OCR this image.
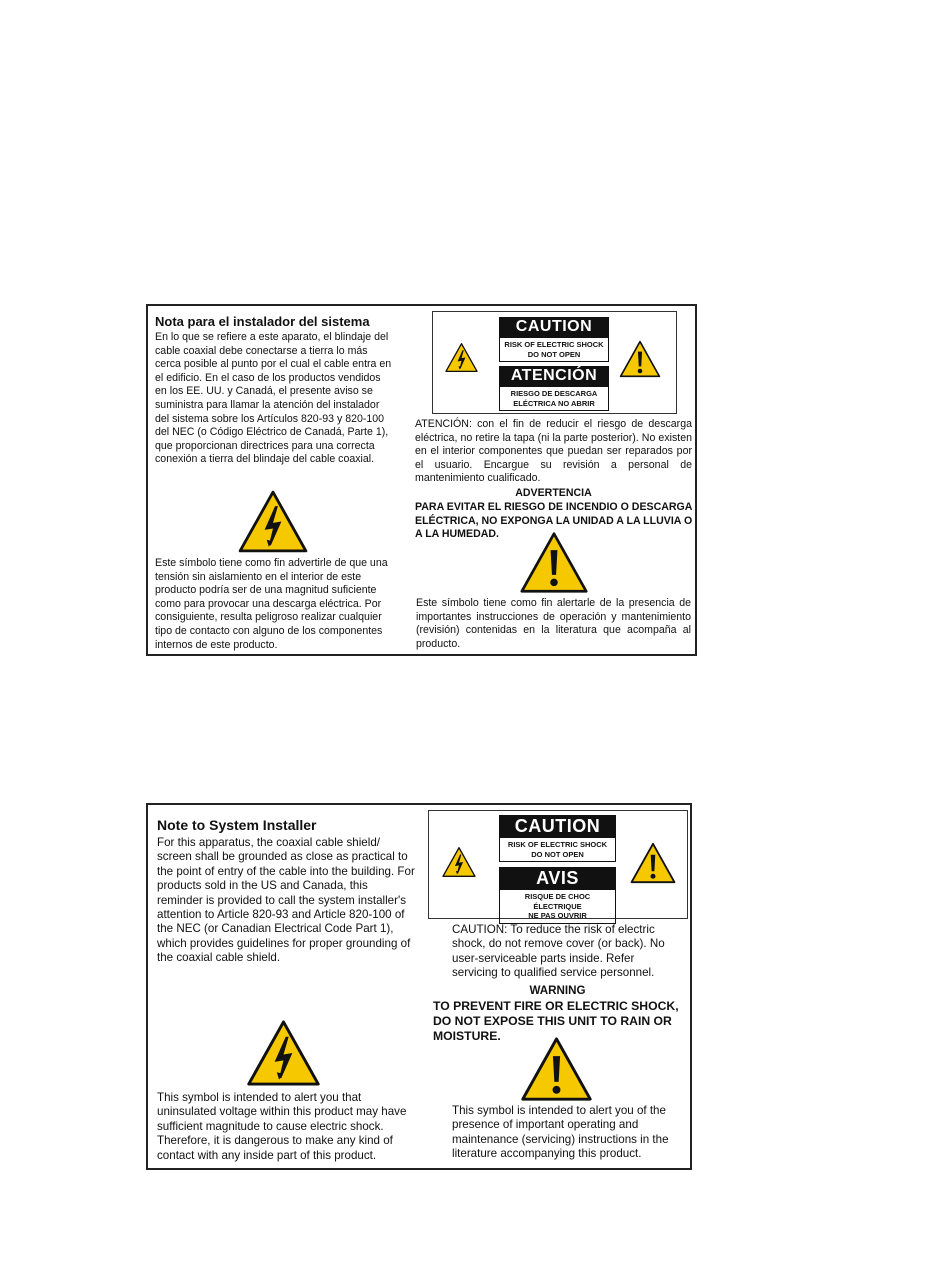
Nota para el instalador del sistema

En lo que se refiere a este aparato, el blindaje del cable coaxial debe conectarse a tierra lo más cerca posible al punto por el cual el cable entra en el edificio. En el caso de los productos vendidos en los EE. UU. y Canadá, el presente aviso se suministra para llamar la atención del instalador del sistema sobre los Artículos 820-93 y 820-100 del NEC (o Código Eléctrico de Canadá, Parte 1), que proporcionan directrices para una correcta conexión a tierra del blindaje del cable coaxial.

Este símbolo tiene como fin advertirle de que una tensión sin aislamiento en el interior de este producto podría ser de una magnitud suficiente como para provocar una descarga eléctrica. Por consiguiente, resulta peligroso realizar cualquier tipo de contacto con alguno de los componentes internos de este producto.

CAUTION
RISK OF ELECTRIC SHOCK
DO NOT OPEN
ATENCIÓN
RIESGO DE DESCARGA
ELÉCTRICA NO ABRIR

ATENCIÓN: con el fin de reducir el riesgo de descarga eléctrica, no retire la tapa (ni la parte posterior). No existen en el interior componentes que puedan ser reparados por el usuario. Encargue su revisión a personal de mantenimiento cualificado.

ADVERTENCIA

PARA EVITAR EL RIESGO DE INCENDIO O DESCARGA ELÉCTRICA, NO EXPONGA LA UNIDAD A LA LLUVIA O A LA HUMEDAD.

Este símbolo tiene como fin alertarle de la presencia de importantes instrucciones de operación y mantenimiento (revisión) contenidas en la literatura que acompaña al producto.

Note to System Installer

For this apparatus, the coaxial cable shield/ screen shall be grounded as close as practical to the point of entry of the cable into the building. For products sold in the US and Canada, this reminder is provided to call the system installer's attention to Article 820-93 and Article 820-100 of the NEC (or Canadian Electrical Code Part 1), which provides guidelines for proper grounding of the coaxial cable shield.

This symbol is intended to alert you that uninsulated voltage within this product may have sufficient magnitude to cause electric shock. Therefore, it is dangerous to make any kind of contact with any inside part of this product.

CAUTION
RISK OF ELECTRIC SHOCK
DO NOT OPEN
AVIS
RISQUE DE CHOC ÉLECTRIQUE
NE PAS OUVRIR

CAUTION: To reduce the risk of electric shock, do not remove cover (or back). No user-serviceable parts inside. Refer servicing to qualified service personnel.

WARNING

TO PREVENT FIRE OR ELECTRIC SHOCK, DO NOT EXPOSE THIS UNIT TO RAIN OR MOISTURE.

This symbol is intended to alert you of the presence of important operating and maintenance (servicing) instructions in the literature accompanying this product.
